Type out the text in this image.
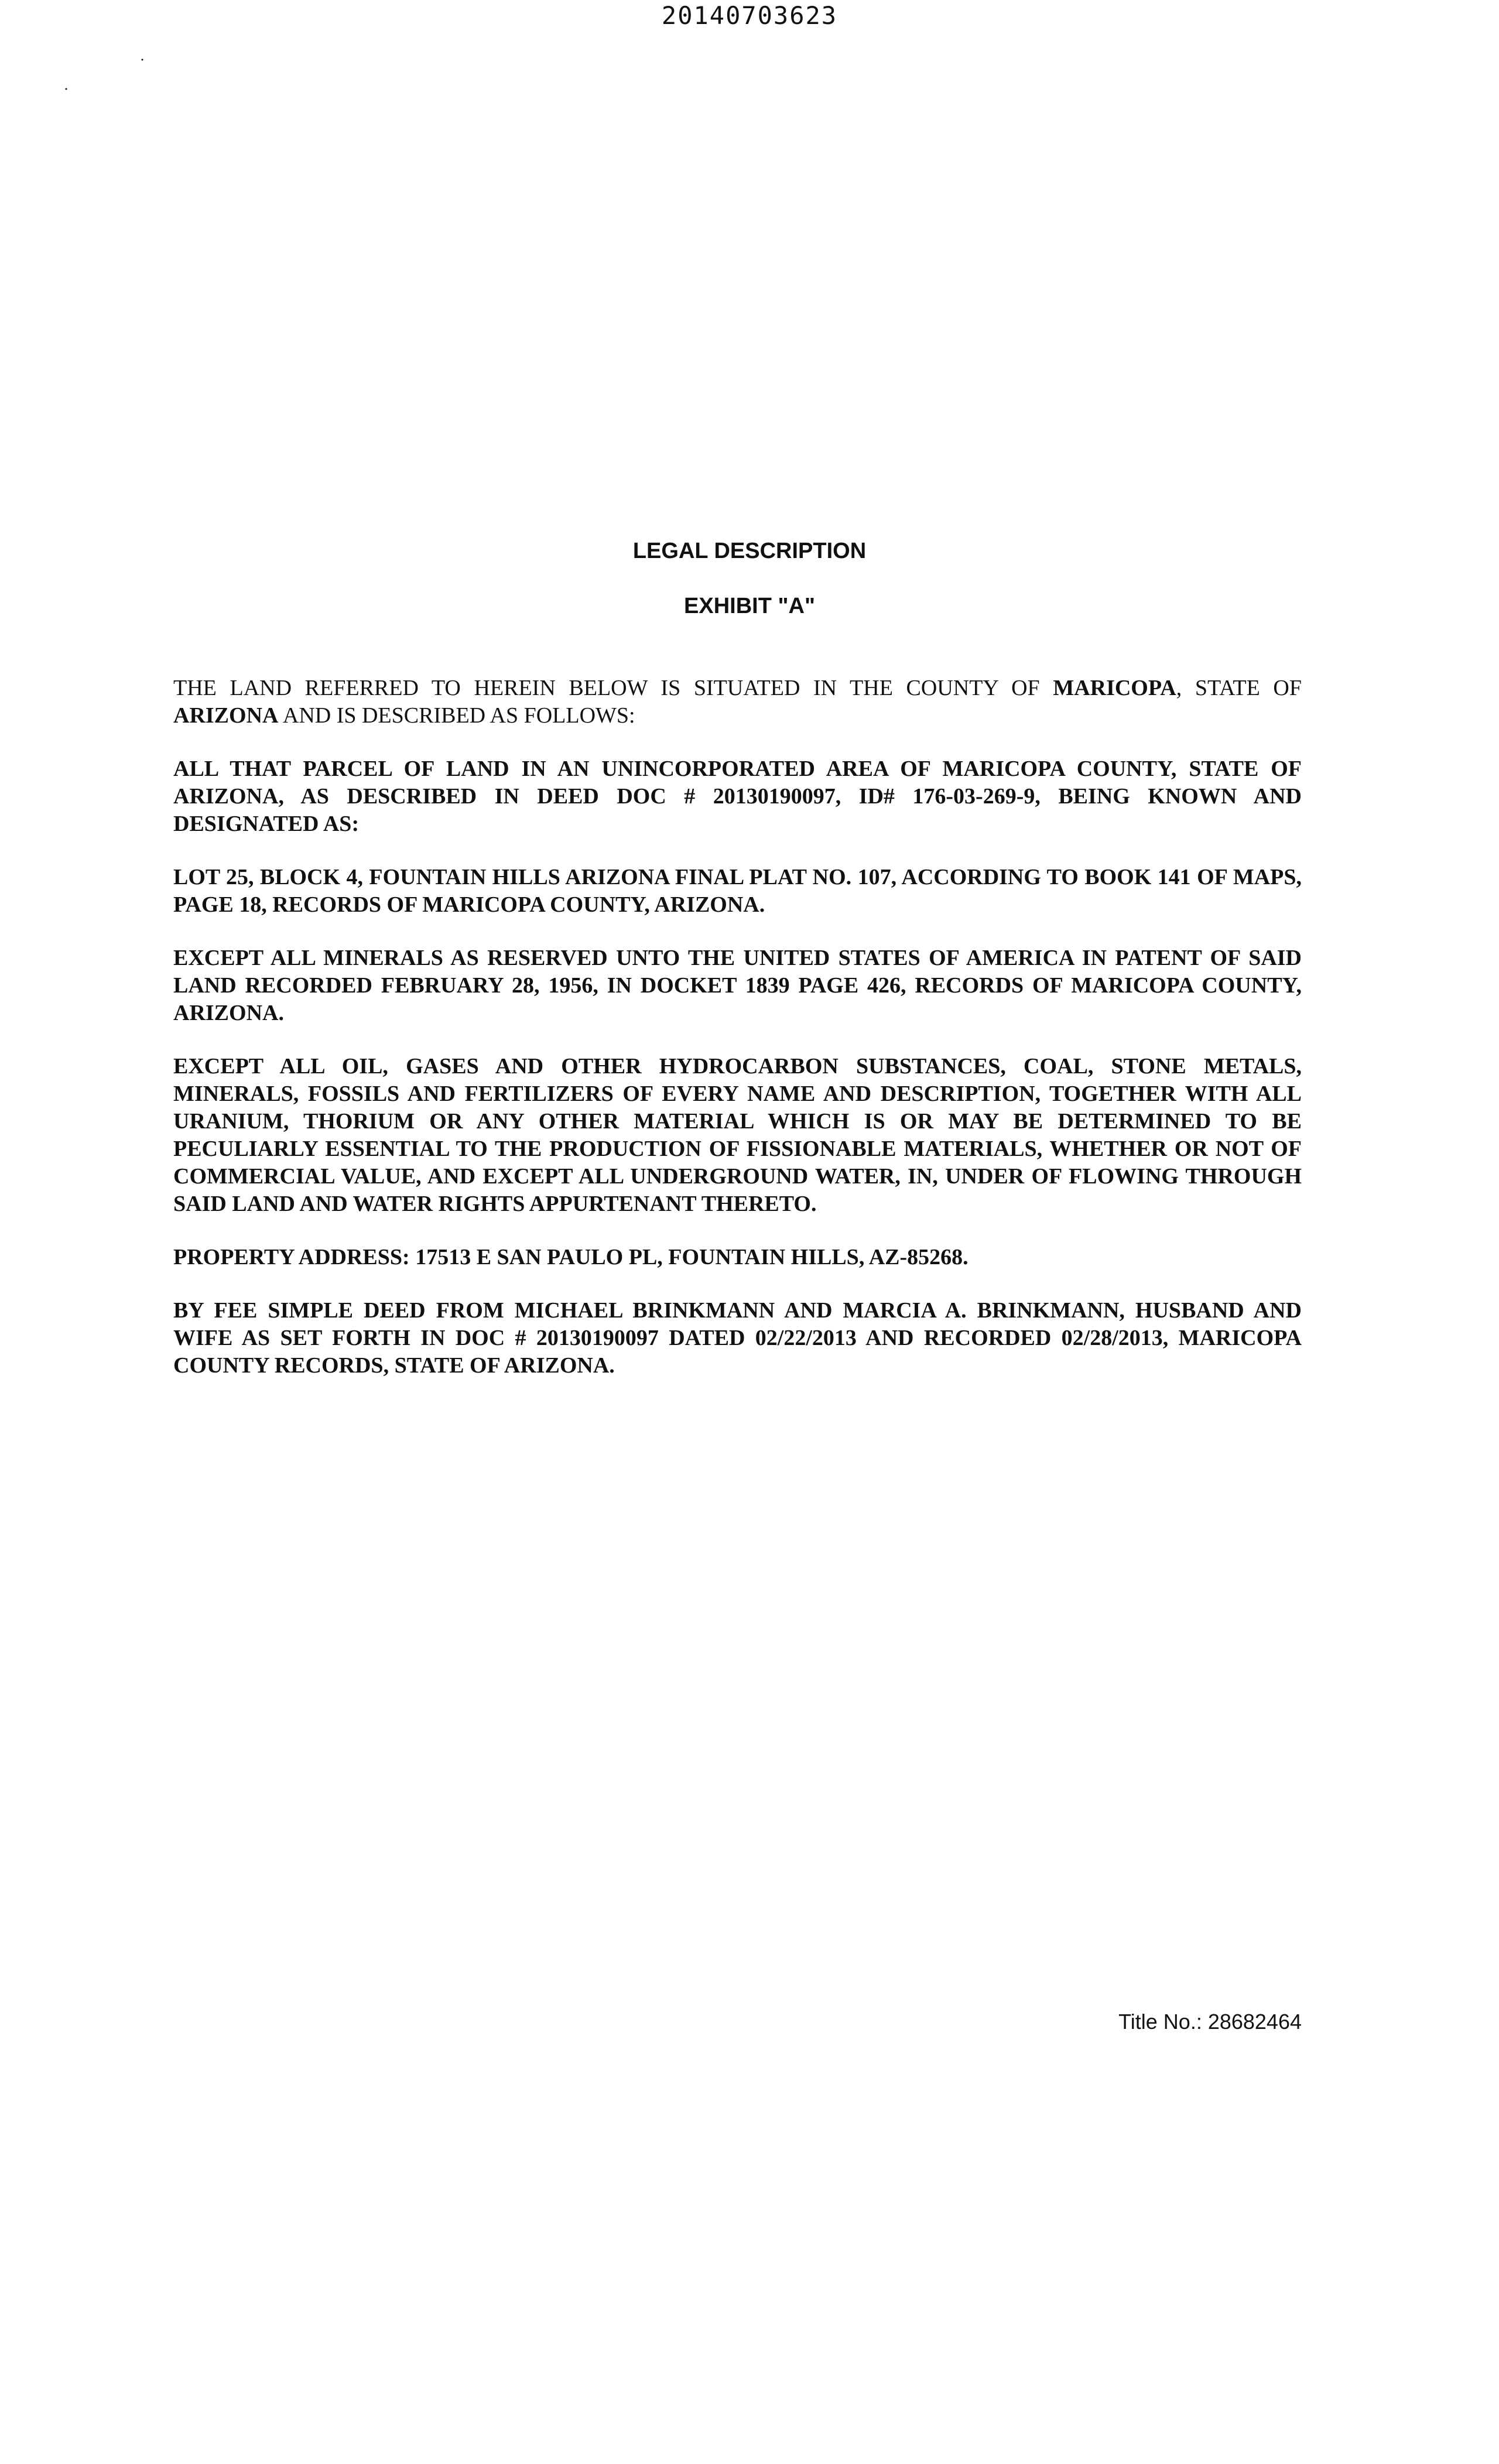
20140703623
˙
˙
LEGAL DESCRIPTION
EXHIBIT "A"

THE LAND REFERRED TO HEREIN BELOW IS SITUATED IN THE COUNTY OF MARICOPA, STATE OF ARIZONA AND IS DESCRIBED AS FOLLOWS:

ALL THAT PARCEL OF LAND IN AN UNINCORPORATED AREA OF MARICOPA COUNTY, STATE OF ARIZONA, AS DESCRIBED IN DEED DOC # 20130190097, ID# 176-03-269-9, BEING KNOWN AND DESIGNATED AS:

LOT 25, BLOCK 4, FOUNTAIN HILLS ARIZONA FINAL PLAT NO. 107, ACCORDING TO BOOK 141 OF MAPS, PAGE 18, RECORDS OF MARICOPA COUNTY, ARIZONA.

EXCEPT ALL MINERALS AS RESERVED UNTO THE UNITED STATES OF AMERICA IN PATENT OF SAID LAND RECORDED FEBRUARY 28, 1956, IN DOCKET 1839 PAGE 426, RECORDS OF MARICOPA COUNTY, ARIZONA.

EXCEPT ALL OIL, GASES AND OTHER HYDROCARBON SUBSTANCES, COAL, STONE METALS, MINERALS, FOSSILS AND FERTILIZERS OF EVERY NAME AND DESCRIPTION, TOGETHER WITH ALL URANIUM, THORIUM OR ANY OTHER MATERIAL WHICH IS OR MAY BE DETERMINED TO BE PECULIARLY ESSENTIAL TO THE PRODUCTION OF FISSIONABLE MATERIALS, WHETHER OR NOT OF COMMERCIAL VALUE, AND EXCEPT ALL UNDERGROUND WATER, IN, UNDER OF FLOWING THROUGH SAID LAND AND WATER RIGHTS APPURTENANT THERETO.

PROPERTY ADDRESS: 17513 E SAN PAULO PL, FOUNTAIN HILLS, AZ-85268.

BY FEE SIMPLE DEED FROM MICHAEL BRINKMANN AND MARCIA A. BRINKMANN, HUSBAND AND WIFE AS SET FORTH IN DOC # 20130190097 DATED 02/22/2013 AND RECORDED 02/28/2013, MARICOPA COUNTY RECORDS, STATE OF ARIZONA.

Title No.: 28682464
